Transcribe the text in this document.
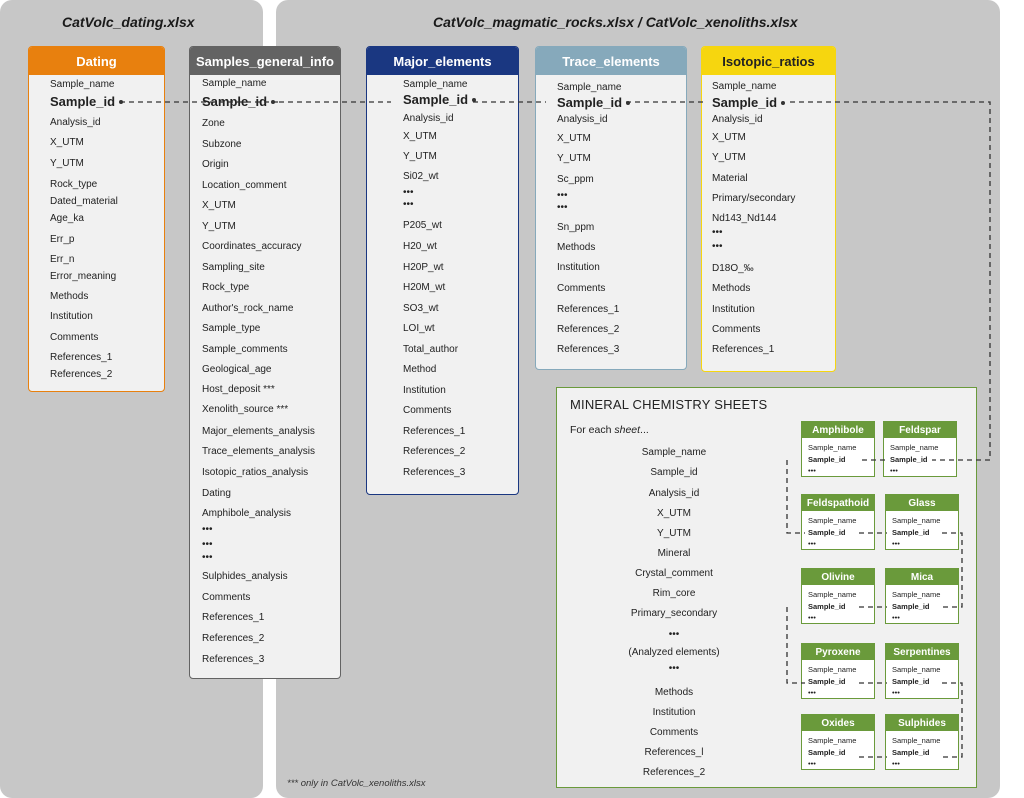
CatVolc_dating.xlsx	CatVolc_magmatic_rocks.xlsx / CatVolc_xenoliths.xlsx
Dating
Sample_name
Sample_id
Analysis_id
X_UTM
Y_UTM
Rock_type
Dated_material
Age_ka
Err_p
Err_n
Error_meaning
Methods
Institution
Comments
References_1
References_2
Samples_general_info
Sample_name
Sample_id
Zone
Subzone
Origin
Location_comment
X_UTM
Y_UTM
Coordinates_accuracy
Sampling_site
Rock_type
Author's_rock_name
Sample_type
Sample_comments
Geological_age
Host_deposit ***
Xenolith_source ***
Major_elements_analysis
Trace_elements_analysis
Isotopic_ratios_analysis
Dating
Amphibole_analysis
•••
•••
•••
Sulphides_analysis
Comments
References_1
References_2
References_3
Major_elements
Sample_name
Sample_id
Analysis_id
X_UTM
Y_UTM
Si02_wt
•••
•••
P205_wt
H20_wt
H20P_wt
H20M_wt
SO3_wt
LOI_wt
Total_author
Method
Institution
Comments
References_1
References_2
References_3
Trace_elements
Sample_name
Sample_id
Analysis_id
X_UTM
Y_UTM
Sc_ppm
•••
•••
Sn_ppm
Methods
Institution
Comments
References_1
References_2
References_3
Isotopic_ratios
Sample_name
Sample_id
Analysis_id
X_UTM
Y_UTM
Material
Primary/secondary
Nd143_Nd144
•••
•••
D18O_‰
Methods
Institution
Comments
References_1
MINERAL CHEMISTRY SHEETS
For each sheet...
Sample_name
Sample_id
Analysis_id
X_UTM
Y_UTM
Mineral
Crystal_comment
Rim_core
Primary_secondary
•••
(Analyzed elements)
•••
Methods
Institution
Comments
References_l
References_2
Amphibole
Sample_name
Sample_id
•••
Feldspar
Sample_name
Sample_id
•••
Feldspathoid
Sample_name
Sample_id
•••
Glass
Sample_name
Sample_id
•••
Olivine
Sample_name
Sample_id
•••
Mica
Sample_name
Sample_id
•••
Pyroxene
Sample_name
Sample_id
•••
Serpentines
Sample_name
Sample_id
•••
Oxides
Sample_name
Sample_id
•••
Sulphides
Sample_name
Sample_id
•••
*** only in CatVolc_xenoliths.xlsx
